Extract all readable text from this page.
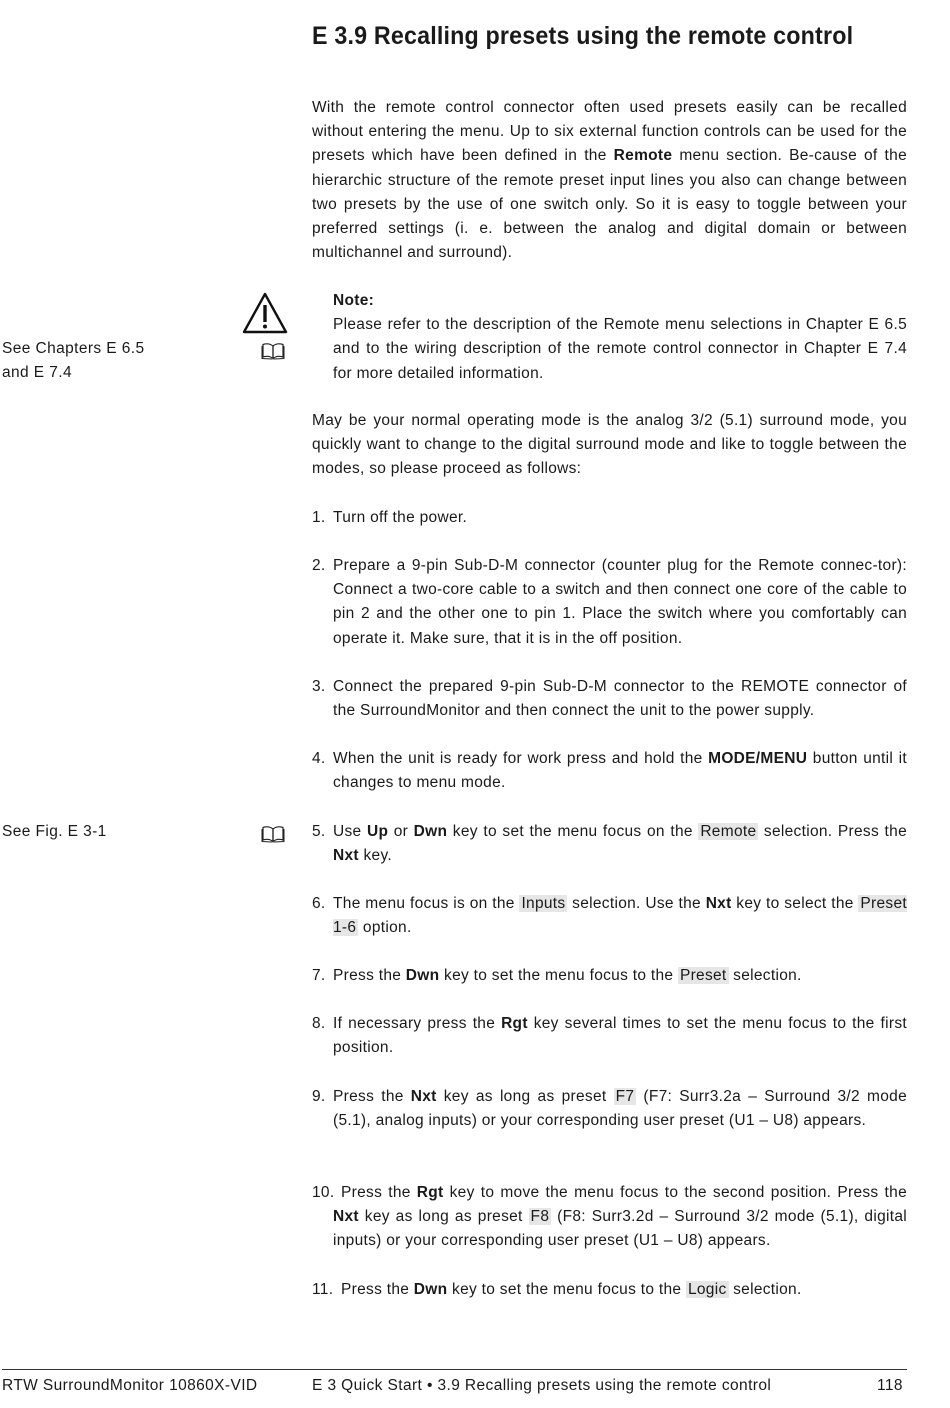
E 3.9 Recalling presets using the remote control
With the remote control connector often used presets easily can be recalled without entering the menu. Up to six external function controls can be used for the presets which have been defined in the Remote menu section. Be-cause of the hierarchic structure of the remote preset input lines you also can change between two presets by the use of one switch only. So it is easy to toggle between your preferred settings (i. e. between the analog and digital domain or between multichannel and surround).
Note:
Please refer to the description of the Remote menu selections in Chapter E 6.5 and to the wiring description of the remote control connector in Chapter E 7.4 for more detailed information.
See Chapters E 6.5
and E 7.4
May be your normal operating mode is the analog 3/2 (5.1) surround mode, you quickly want to change to the digital surround mode and like to toggle between the modes, so please proceed as follows:
1. Turn off the power.
2. Prepare a 9-pin Sub-D-M connector (counter plug for the Remote connec-tor): Connect a two-core cable to a switch and then connect one core of the cable to pin 2 and the other one to pin 1. Place the switch where you comfortably can operate it. Make sure, that it is in the off position.
3. Connect the prepared 9-pin Sub-D-M connector to the REMOTE connector of the SurroundMonitor and then connect the unit to the power supply.
4. When the unit is ready for work press and hold the MODE/MENU button until it changes to menu mode.
See Fig. E 3-1	5. Use Up or Dwn key to set the menu focus on the Remote selection. Press the Nxt key.
6. The menu focus is on the Inputs selection. Use the Nxt key to select the Preset 1-6 option.
7. Press the Dwn key to set the menu focus to the Preset selection.
8. If necessary press the Rgt key several times to set the menu focus to the first position.
9. Press the Nxt key as long as preset F7 (F7: Surr3.2a – Surround 3/2 mode (5.1), analog inputs) or your corresponding user preset (U1 – U8) appears.
10. Press the Rgt key to move the menu focus to the second position. Press the Nxt key as long as preset F8 (F8: Surr3.2d – Surround 3/2 mode (5.1), digital inputs) or your corresponding user preset (U1 – U8) appears.
11. Press the Dwn key to set the menu focus to the Logic selection.
RTW SurroundMonitor 10860X-VID	E 3 Quick Start • 3.9 Recalling presets using the remote control	118
